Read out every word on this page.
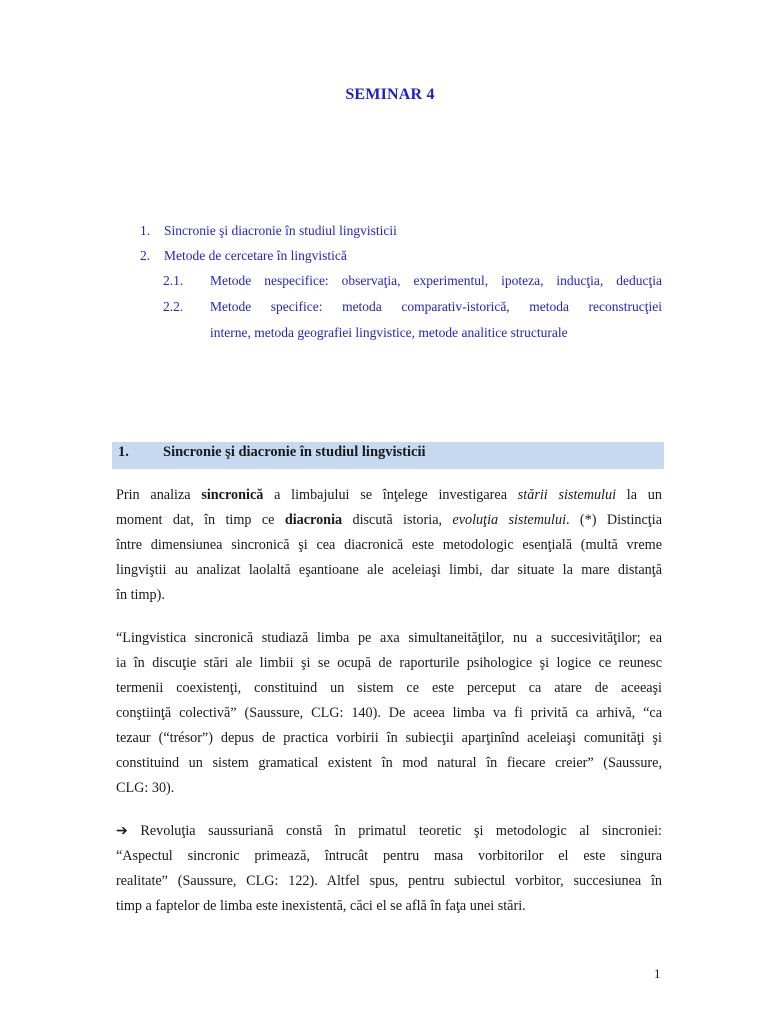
SEMINAR 4
1. Sincronie şi diacronie în studiul lingvisticii
2. Metode de cercetare în lingvistică
2.1. Metode nespecifice: observaţia, experimentul, ipoteza, inducţia, deducţia
2.2. Metode specifice: metoda comparativ-istorică, metoda reconstrucţiei
interne, metoda geografiei lingvistice, metode analitice structurale
1. Sincronie şi diacronie în studiul lingvisticii
Prin analiza sincronică a limbajului se înţelege investigarea stării sistemului la un
moment dat, în timp ce diacronia discută istoria, evoluţia sistemului. (*) Distincţia
între dimensiunea sincronică şi cea diacronică este metodologic esenţială (multă vreme
lingviştii au analizat laolaltă eşantioane ale aceleiaşi limbi, dar situate la mare distanţă
în timp).
“Lingvistica sincronică studiază limba pe axa simultaneităţilor, nu a succesivităţilor; ea
ia în discuţie stări ale limbii şi se ocupă de raporturile psihologice şi logice ce reunesc
termenii coexistenţi, constituind un sistem ce este perceput ca atare de aceeaşi
conştiinţă colectivă” (Saussure, CLG: 140). De aceea limba va fi privită ca arhivă, “ca
tezaur (“trésor”) depus de practica vorbirii în subiecţii aparţinînd aceleiaşi comunităţi şi
constituind un sistem gramatical existent în mod natural în fiecare creier” (Saussure,
CLG: 30).
➔ Revoluţia saussuriană constă în primatul teoretic şi metodologic al sincroniei:
“Aspectul sincronic primează, întrucât pentru masa vorbitorilor el este singura
realitate” (Saussure, CLG: 122). Altfel spus, pentru subiectul vorbitor, succesiunea în
timp a faptelor de limba este inexistentă, căci el se află în faţa unei stări.
1
